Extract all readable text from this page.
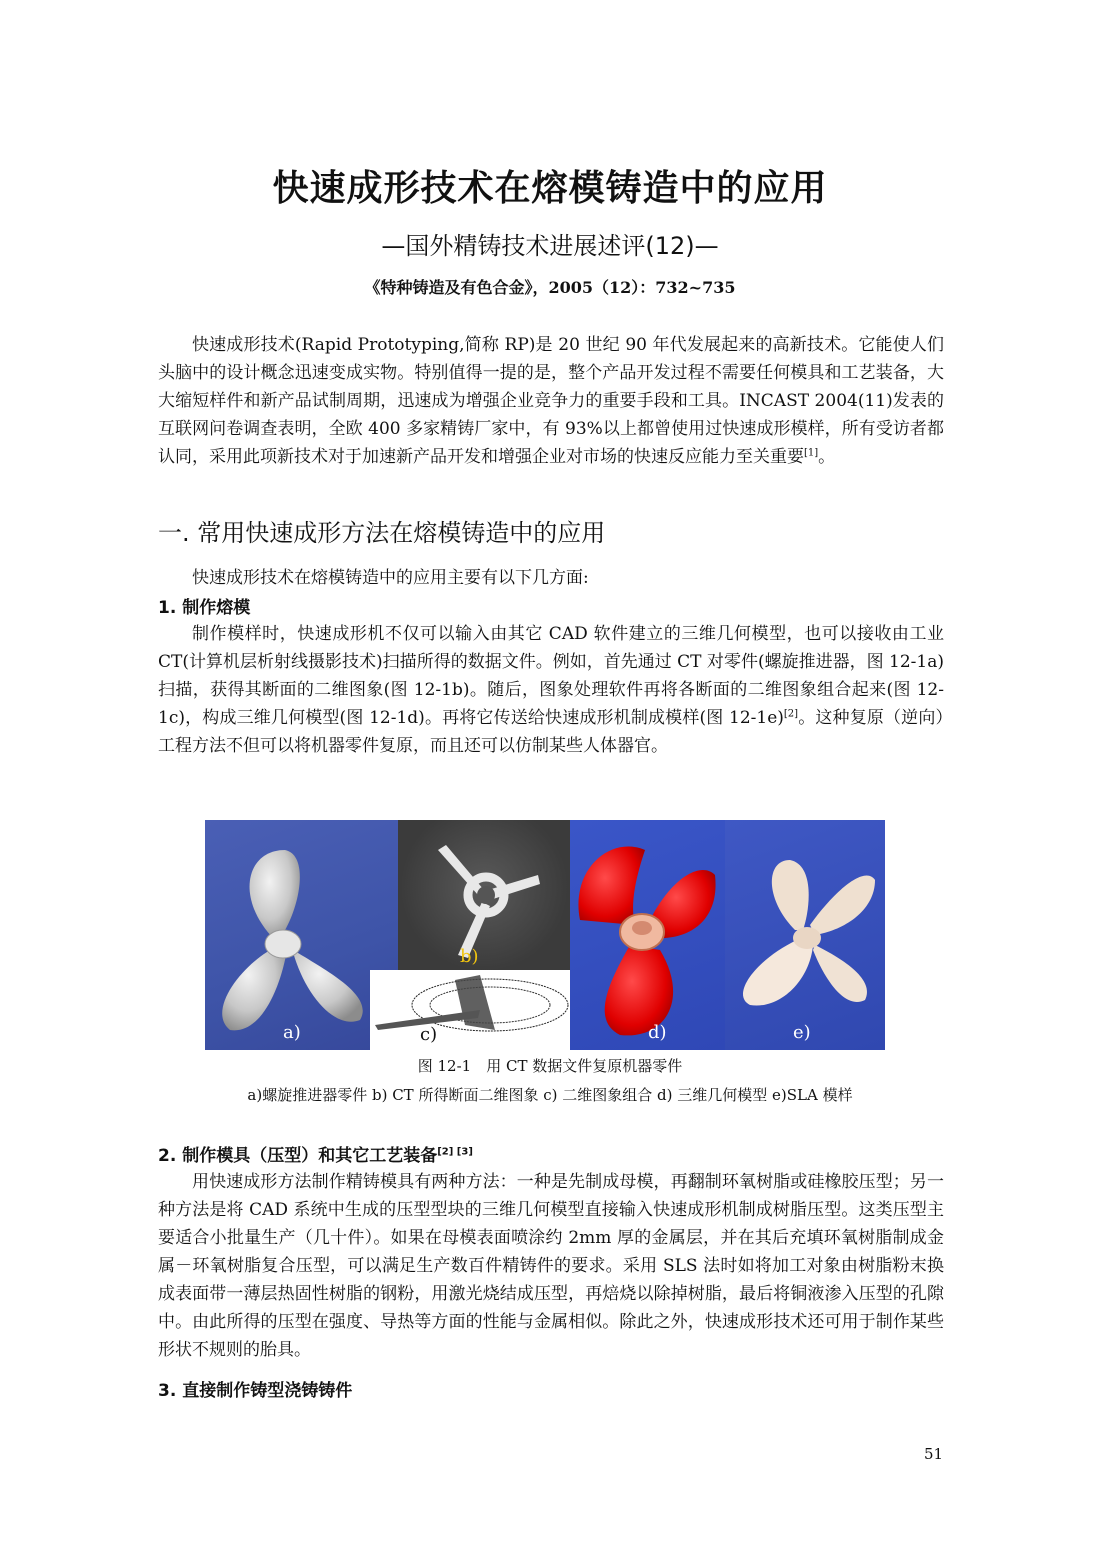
快速成形技术在熔模铸造中的应用
—国外精铸技术进展述评(12)—
《特种铸造及有色合金》，2005（12）：732~735

快速成形技术(Rapid Prototyping,简称 RP)是 20 世纪 90 年代发展起来的高新技术。它能使人们头脑中的设计概念迅速变成实物。特别值得一提的是，整个产品开发过程不需要任何模具和工艺装备，大大缩短样件和新产品试制周期，迅速成为增强企业竞争力的重要手段和工具。INCAST 2004(11)发表的互联网问卷调查表明，全欧 400 多家精铸厂家中，有 93%以上都曾使用过快速成形模样，所有受访者都认同，采用此项新技术对于加速新产品开发和增强企业对市场的快速反应能力至关重要[1]。

一. 常用快速成形方法在熔模铸造中的应用

快速成形技术在熔模铸造中的应用主要有以下几方面:

1. 制作熔模

制作模样时，快速成形机不仅可以输入由其它 CAD 软件建立的三维几何模型，也可以接收由工业 CT(计算机层析射线摄影技术)扫描所得的数据文件。例如，首先通过 CT 对零件(螺旋推进器，图 12-1a)扫描，获得其断面的二维图象(图 12-1b)。随后，图象处理软件再将各断面的二维图象组合起来(图 12-1c)，构成三维几何模型(图 12-1d)。再将它传送给快速成形机制成模样(图 12-1e)[2]。这种复原（逆向）工程方法不但可以将机器零件复原，而且还可以仿制某些人体器官。

a)
b)
c)	d)	e)
图 12-1　用 CT 数据文件复原机器零件
a)螺旋推进器零件 b) CT 所得断面二维图象 c) 二维图象组合 d) 三维几何模型 e)SLA 模样
2. 制作模具（压型）和其它工艺装备[2] [3]

用快速成形方法制作精铸模具有两种方法：一种是先制成母模，再翻制环氧树脂或硅橡胶压型；另一种方法是将 CAD 系统中生成的压型型块的三维几何模型直接输入快速成形机制成树脂压型。这类压型主要适合小批量生产（几十件）。如果在母模表面喷涂约 2mm 厚的金属层，并在其后充填环氧树脂制成金属－环氧树脂复合压型，可以满足生产数百件精铸件的要求。采用 SLS 法时如将加工对象由树脂粉末换成表面带一薄层热固性树脂的钢粉，用激光烧结成压型，再焙烧以除掉树脂，最后将铜液渗入压型的孔隙中。由此所得的压型在强度、导热等方面的性能与金属相似。除此之外，快速成形技术还可用于制作某些形状不规则的胎具。

3. 直接制作铸型浇铸铸件
51
